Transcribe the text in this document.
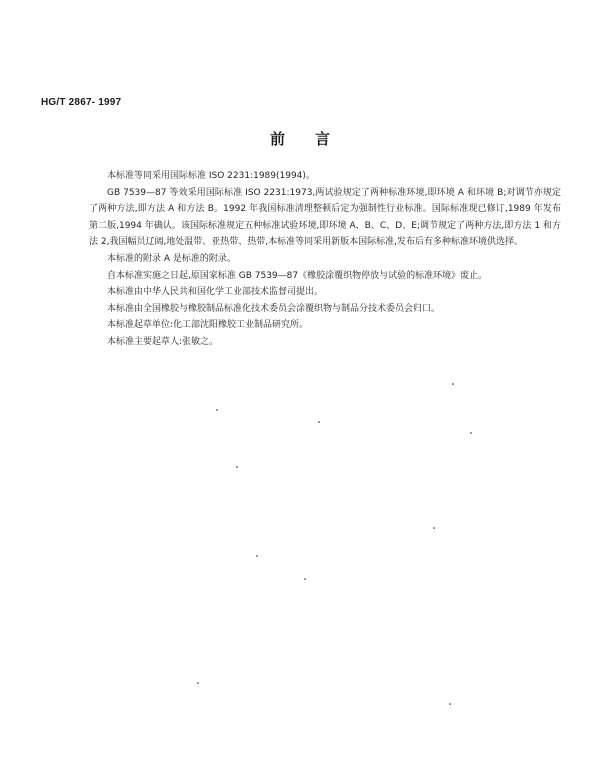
HG/T 2867- 1997
前言

本标准等同采用国际标准 ISO 2231:1989(1994)。

GB 7539—87 等效采用国际标准 ISO 2231:1973,两试验规定了两种标准环境,即环境 A 和环境 B;对调节亦规定了两种方法,即方法 A 和方法 B。1992 年我国标准清理整顿后定为强制性行业标准。国际标准现已修订,1989 年发布第二版,1994 年确认。该国际标准规定五种标准试验环境,即环境 A、B、C、D、E;调节规定了两种方法,即方法 1 和方法 2,我国幅员辽阔,地处温带、亚热带、热带,本标准等同采用新版本国际标准,发布后有多种标准环境供选择。

本标准的附录 A 是标准的附录。

自本标准实施之日起,原国家标准 GB 7539—87《橡胶涂覆织物停放与试验的标准环境》废止。

本标准由中华人民共和国化学工业部技术监督司提出。

本标准由全国橡胶与橡胶制品标准化技术委员会涂覆织物与制品分技术委员会归口。

本标准起草单位:化工部沈阳橡胶工业制品研究所。

本标准主要起草人:张敏之。
